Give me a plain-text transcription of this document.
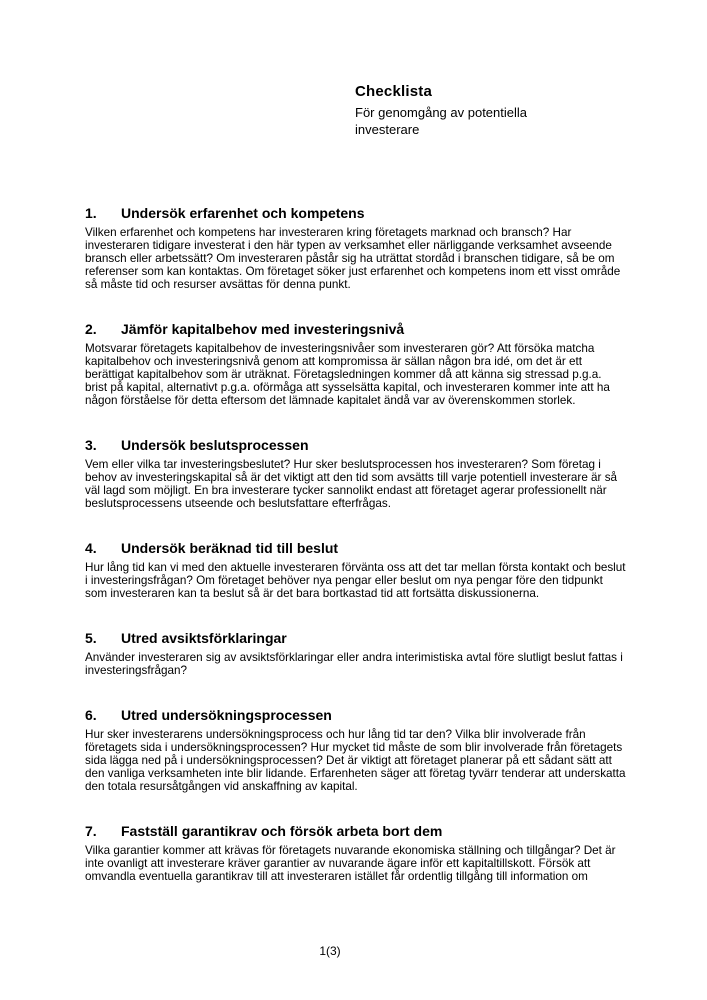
Checklista
För genomgång av potentiella investerare
1.	Undersök erfarenhet och kompetens

Vilken erfarenhet och kompetens har investeraren kring företagets marknad och bransch? Har investeraren tidigare investerat i den här typen av verksamhet eller närliggande verksamhet avseende bransch eller arbetssätt? Om investeraren påstår sig ha uträttat stordåd i branschen tidigare, så be om referenser som kan kontaktas. Om företaget söker just erfarenhet och kompetens inom ett visst område så måste tid och resurser avsättas för denna punkt.

2.	Jämför kapitalbehov med investeringsnivå

Motsvarar företagets kapitalbehov de investeringsnivåer som investeraren gör? Att försöka matcha kapitalbehov och investeringsnivå genom att kompromissa är sällan någon bra idé, om det är ett berättigat kapitalbehov som är uträknat. Företagsledningen kommer då att känna sig stressad p.g.a. brist på kapital, alternativt p.g.a. oförmåga att sysselsätta kapital, och investeraren kommer inte att ha någon förståelse för detta eftersom det lämnade kapitalet ändå var av överenskommen storlek.

3.	Undersök beslutsprocessen

Vem eller vilka tar investeringsbeslutet? Hur sker beslutsprocessen hos investeraren? Som företag i behov av investeringskapital så är det viktigt att den tid som avsätts till varje potentiell investerare är så väl lagd som möjligt. En bra investerare tycker sannolikt endast att företaget agerar professionellt när beslutsprocessens utseende och beslutsfattare efterfrågas.

4.	Undersök beräknad tid till beslut

Hur lång tid kan vi med den aktuelle investeraren förvänta oss att det tar mellan första kontakt och beslut i investeringsfrågan? Om företaget behöver nya pengar eller beslut om nya pengar före den tidpunkt som investeraren kan ta beslut så är det bara bortkastad tid att fortsätta diskussionerna.

5.	Utred avsiktsförklaringar

Använder investeraren sig av avsiktsförklaringar eller andra interimistiska avtal före slutligt beslut fattas i investeringsfrågan?

6.	Utred undersökningsprocessen

Hur sker investerarens undersökningsprocess och hur lång tid tar den? Vilka blir involverade från företagets sida i undersökningsprocessen? Hur mycket tid måste de som blir involverade från företagets sida lägga ned på i undersökningsprocessen? Det är viktigt att företaget planerar på ett sådant sätt att den vanliga verksamheten inte blir lidande. Erfarenheten säger att företag tyvärr tenderar att underskatta den totala resursåtgången vid anskaffning av kapital.

7.	Fastställ garantikrav och försök arbeta bort dem

Vilka garantier kommer att krävas för företagets nuvarande ekonomiska ställning och tillgångar? Det är inte ovanligt att investerare kräver garantier av nuvarande ägare inför ett kapitaltillskott. Försök att omvandla eventuella garantikrav till att investeraren istället får ordentlig tillgång till information om

1(3)
